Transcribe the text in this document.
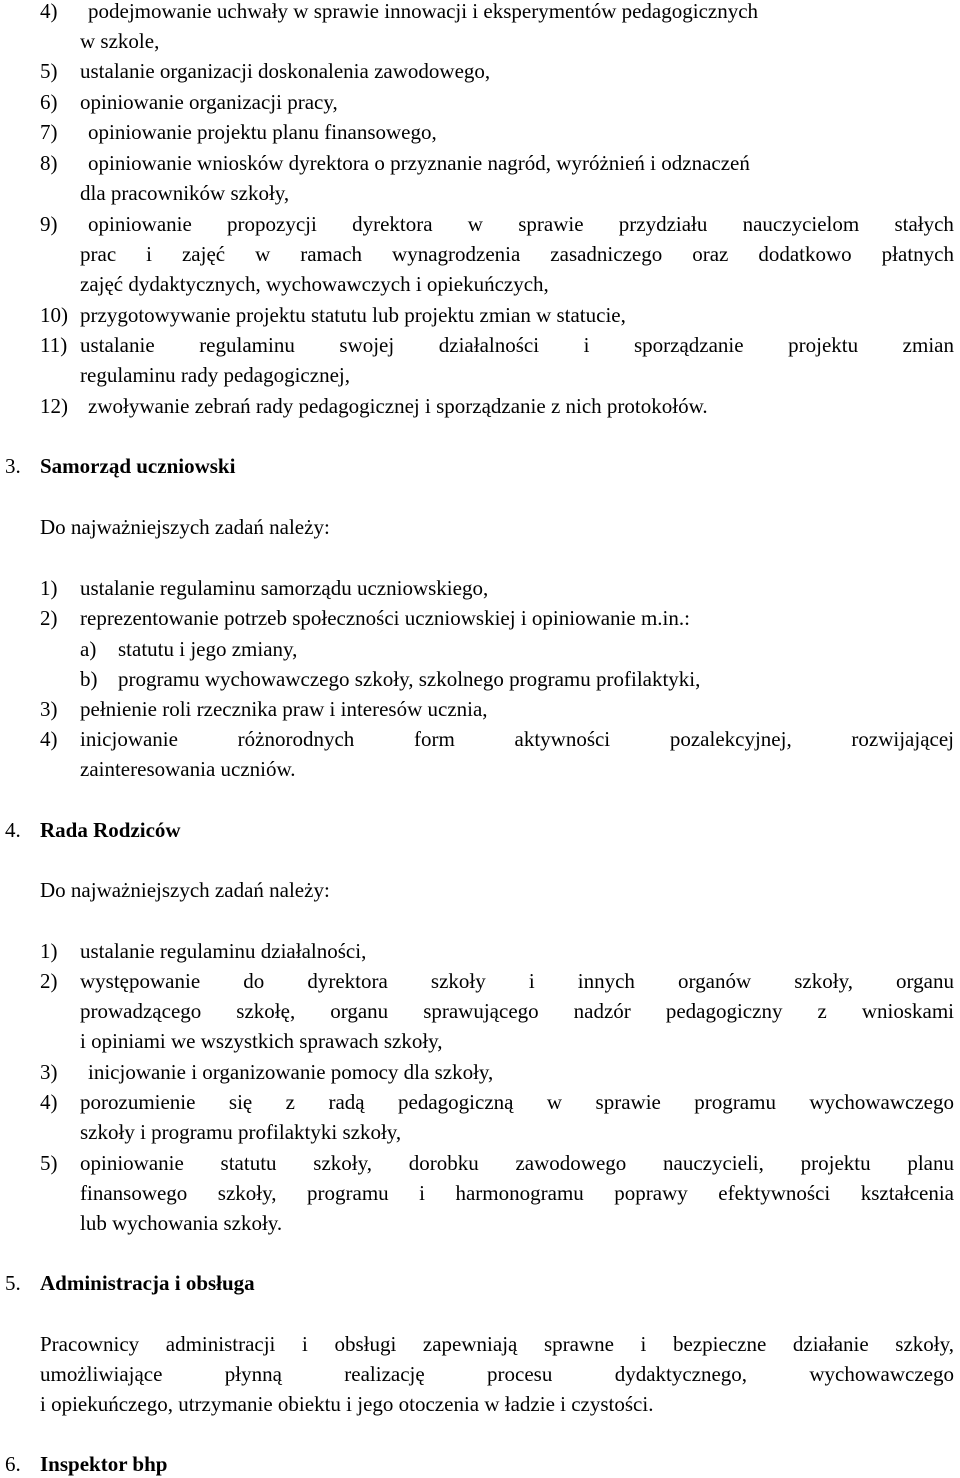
4) podejmowanie uchwały w sprawie innowacji i eksperymentów pedagogicznych
w szkole,
5) ustalanie organizacji doskonalenia zawodowego,
6) opiniowanie organizacji pracy,
7) opiniowanie projektu planu finansowego,
8) opiniowanie wniosków dyrektora o przyznanie nagród, wyróżnień i odznaczeń
dla pracowników szkoły,
9) opiniowanie propozycji dyrektora w sprawie przydziału nauczycielom stałych
prac i zajęć w ramach wynagrodzenia zasadniczego oraz dodatkowo płatnych
zajęć dydaktycznych, wychowawczych i opiekuńczych,
10) przygotowywanie projektu statutu lub projektu zmian w statucie,
11) ustalanie regulaminu swojej działalności i sporządzanie projektu zmian
regulaminu rady pedagogicznej,
12) zwoływanie zebrań rady pedagogicznej i sporządzanie z nich protokołów.
3. Samorząd uczniowski
Do najważniejszych zadań należy:
1) ustalanie regulaminu samorządu uczniowskiego,
2) reprezentowanie potrzeb społeczności uczniowskiej i opiniowanie m.in.:
a) statutu i jego zmiany,
b) programu wychowawczego szkoły, szkolnego programu profilaktyki,
3) pełnienie roli rzecznika praw i interesów ucznia,
4) inicjowanie różnorodnych form aktywności pozalekcyjnej, rozwijającej
zainteresowania uczniów.
4. Rada Rodziców
Do najważniejszych zadań należy:
1) ustalanie regulaminu działalności,
2) występowanie do dyrektora szkoły i innych organów szkoły, organu
prowadzącego szkołę, organu sprawującego nadzór pedagogiczny z wnioskami
i opiniami we wszystkich sprawach szkoły,
3) inicjowanie i organizowanie pomocy dla szkoły,
4) porozumienie się z radą pedagogiczną w sprawie programu wychowawczego
szkoły i programu profilaktyki szkoły,
5) opiniowanie statutu szkoły, dorobku zawodowego nauczycieli, projektu planu
finansowego szkoły, programu i harmonogramu poprawy efektywności kształcenia
lub wychowania szkoły.
5. Administracja i obsługa
Pracownicy administracji i obsługi zapewniają sprawne i bezpieczne działanie szkoły,
umożliwiające płynną realizację procesu dydaktycznego, wychowawczego
i opiekuńczego, utrzymanie obiektu i jego otoczenia w ładzie i czystości.
6. Inspektor bhp
